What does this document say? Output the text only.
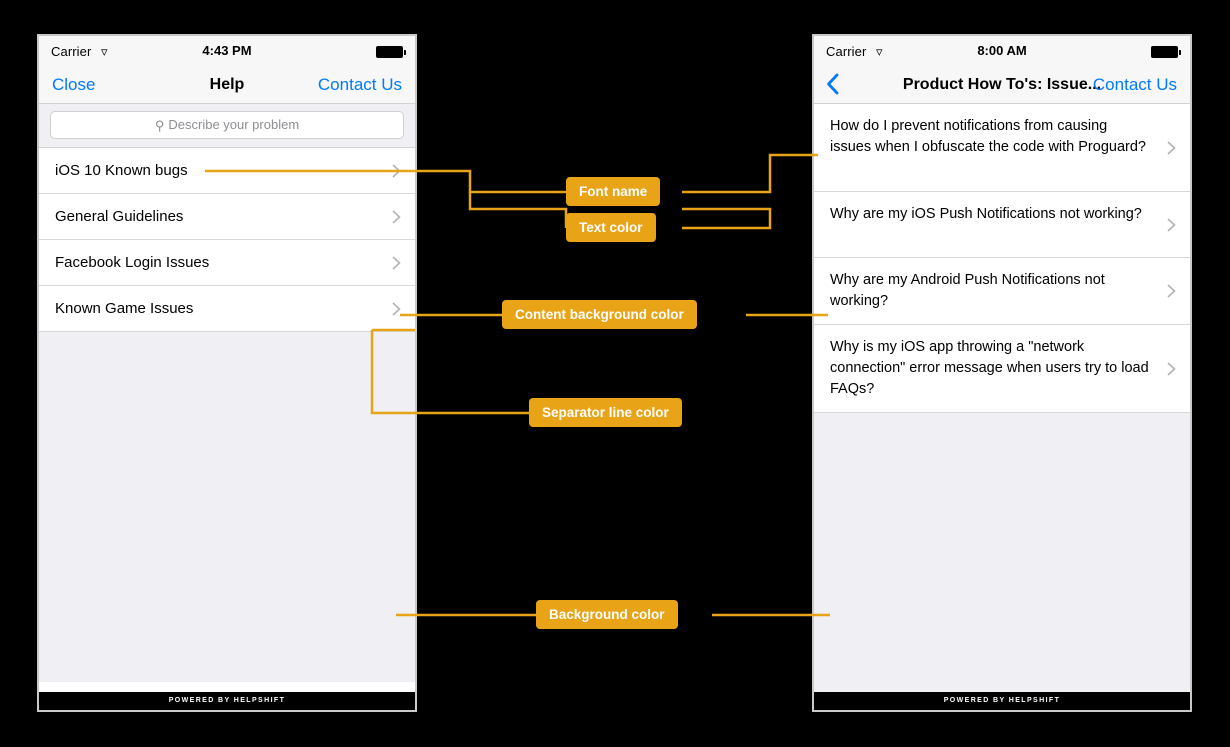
Carrier ▿	4:43 PM
Close	Help	Contact Us
⚲ Describe your problem
iOS 10 Known bugs
General Guidelines
Facebook Login Issues
Known Game Issues
POWERED BY HELPSHIFT
Carrier ▿	8:00 AM
Product How To's: Issue...
Contact Us
How do I prevent notifications from causing issues when I obfuscate the code with Proguard?
Why are my iOS Push Notifications not working?
Why are my Android Push Notifications not working?
Why is my iOS app throwing a "network connection" error message when users try to load FAQs?
POWERED BY HELPSHIFT
Font name
Text color
Content background color
Separator line color
Background color
